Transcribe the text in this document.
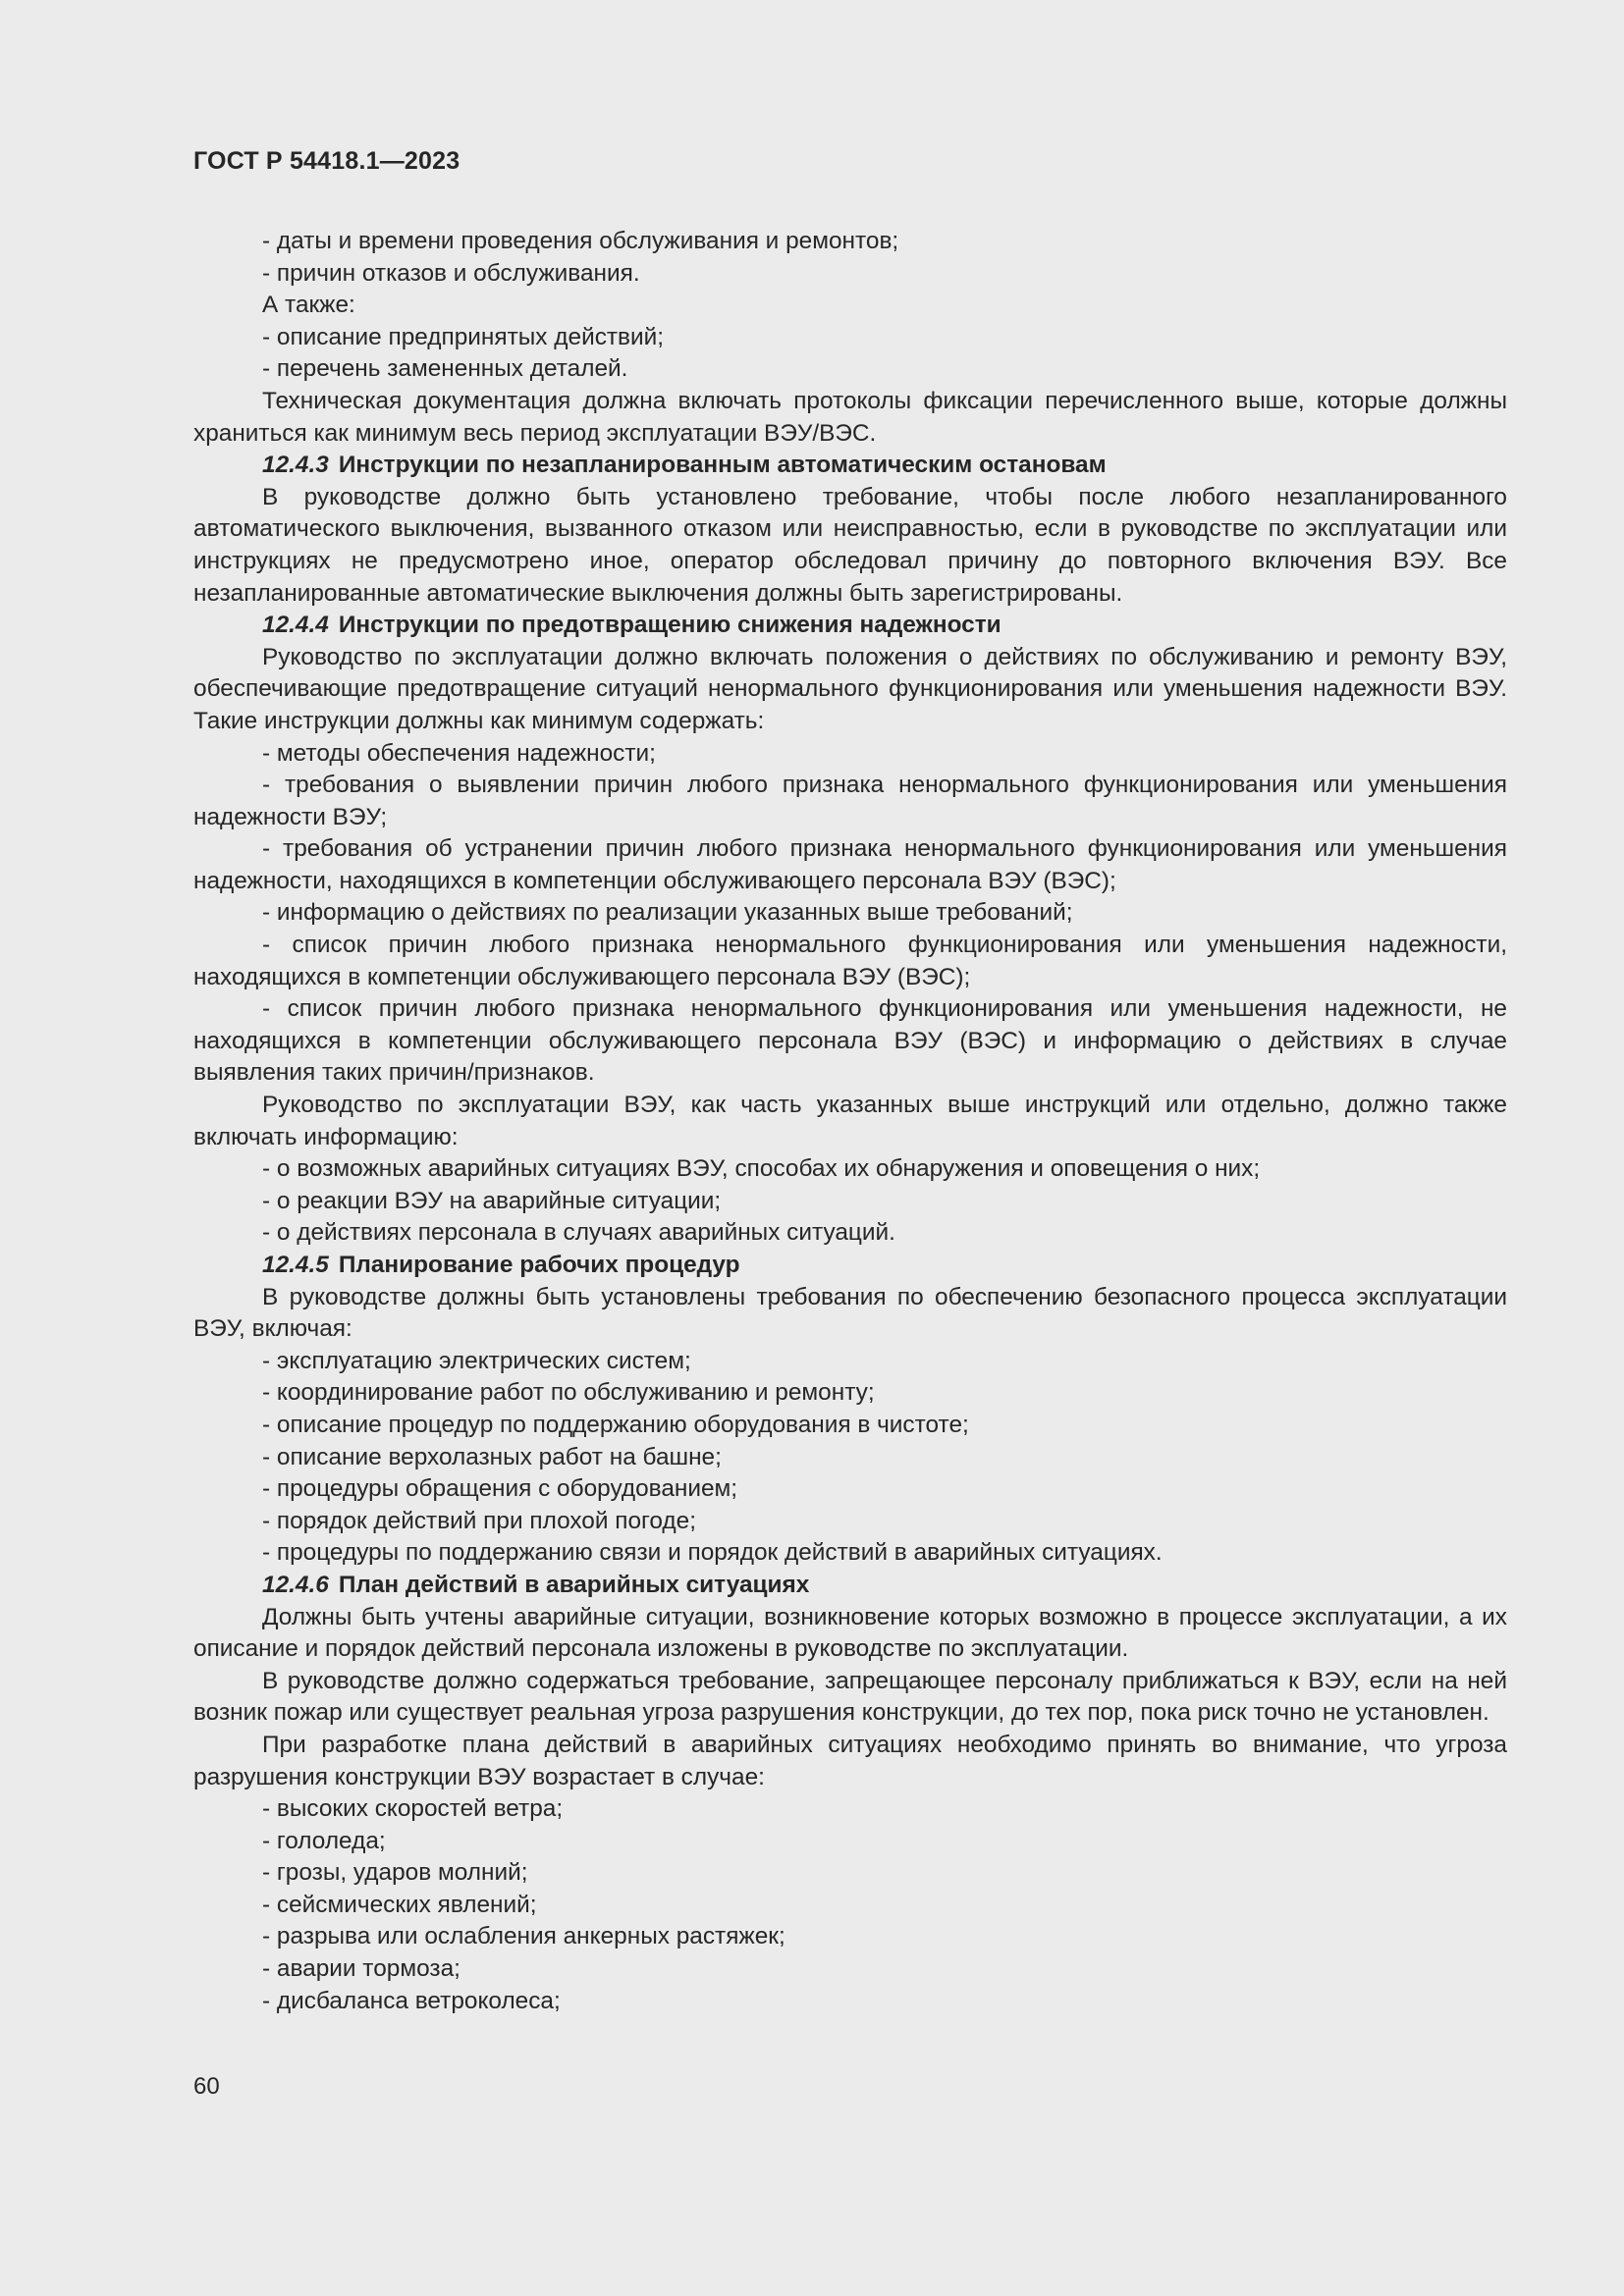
ГОСТ Р 54418.1—2023

- даты и времени проведения обслуживания и ремонтов;

- причин отказов и обслуживания.

А также:

- описание предпринятых действий;

- перечень замененных деталей.

Техническая документация должна включать протоколы фиксации перечисленного выше, которые должны храниться как минимум весь период эксплуатации ВЭУ/ВЭС.

12.4.3 Инструкции по незапланированным автоматическим остановам

В руководстве должно быть установлено требование, чтобы после любого незапланированного автоматического выключения, вызванного отказом или неисправностью, если в руководстве по эксплуатации или инструкциях не предусмотрено иное, оператор обследовал причину до повторного включения ВЭУ. Все незапланированные автоматические выключения должны быть зарегистрированы.

12.4.4 Инструкции по предотвращению снижения надежности

Руководство по эксплуатации должно включать положения о действиях по обслуживанию и ремонту ВЭУ, обеспечивающие предотвращение ситуаций ненормального функционирования или уменьшения надежности ВЭУ. Такие инструкции должны как минимум содержать:

- методы обеспечения надежности;

- требования о выявлении причин любого признака ненормального функционирования или уменьшения надежности ВЭУ;

- требования об устранении причин любого признака ненормального функционирования или уменьшения надежности, находящихся в компетенции обслуживающего персонала ВЭУ (ВЭС);

- информацию о действиях по реализации указанных выше требований;

- список причин любого признака ненормального функционирования или уменьшения надежности, находящихся в компетенции обслуживающего персонала ВЭУ (ВЭС);

- список причин любого признака ненормального функционирования или уменьшения надежности, не находящихся в компетенции обслуживающего персонала ВЭУ (ВЭС) и информацию о действиях в случае выявления таких причин/признаков.

Руководство по эксплуатации ВЭУ, как часть указанных выше инструкций или отдельно, должно также включать информацию:

- о возможных аварийных ситуациях ВЭУ, способах их обнаружения и оповещения о них;

- о реакции ВЭУ на аварийные ситуации;

- о действиях персонала в случаях аварийных ситуаций.

12.4.5 Планирование рабочих процедур

В руководстве должны быть установлены требования по обеспечению безопасного процесса эксплуатации ВЭУ, включая:

- эксплуатацию электрических систем;

- координирование работ по обслуживанию и ремонту;

- описание процедур по поддержанию оборудования в чистоте;

- описание верхолазных работ на башне;

- процедуры обращения с оборудованием;

- порядок действий при плохой погоде;

- процедуры по поддержанию связи и порядок действий в аварийных ситуациях.

12.4.6 План действий в аварийных ситуациях

Должны быть учтены аварийные ситуации, возникновение которых возможно в процессе эксплуатации, а их описание и порядок действий персонала изложены в руководстве по эксплуатации.

В руководстве должно содержаться требование, запрещающее персоналу приближаться к ВЭУ, если на ней возник пожар или существует реальная угроза разрушения конструкции, до тех пор, пока риск точно не установлен.

При разработке плана действий в аварийных ситуациях необходимо принять во внимание, что угроза разрушения конструкции ВЭУ возрастает в случае:

- высоких скоростей ветра;

- гололеда;

- грозы, ударов молний;

- сейсмических явлений;

- разрыва или ослабления анкерных растяжек;

- аварии тормоза;

- дисбаланса ветроколеса;

60
